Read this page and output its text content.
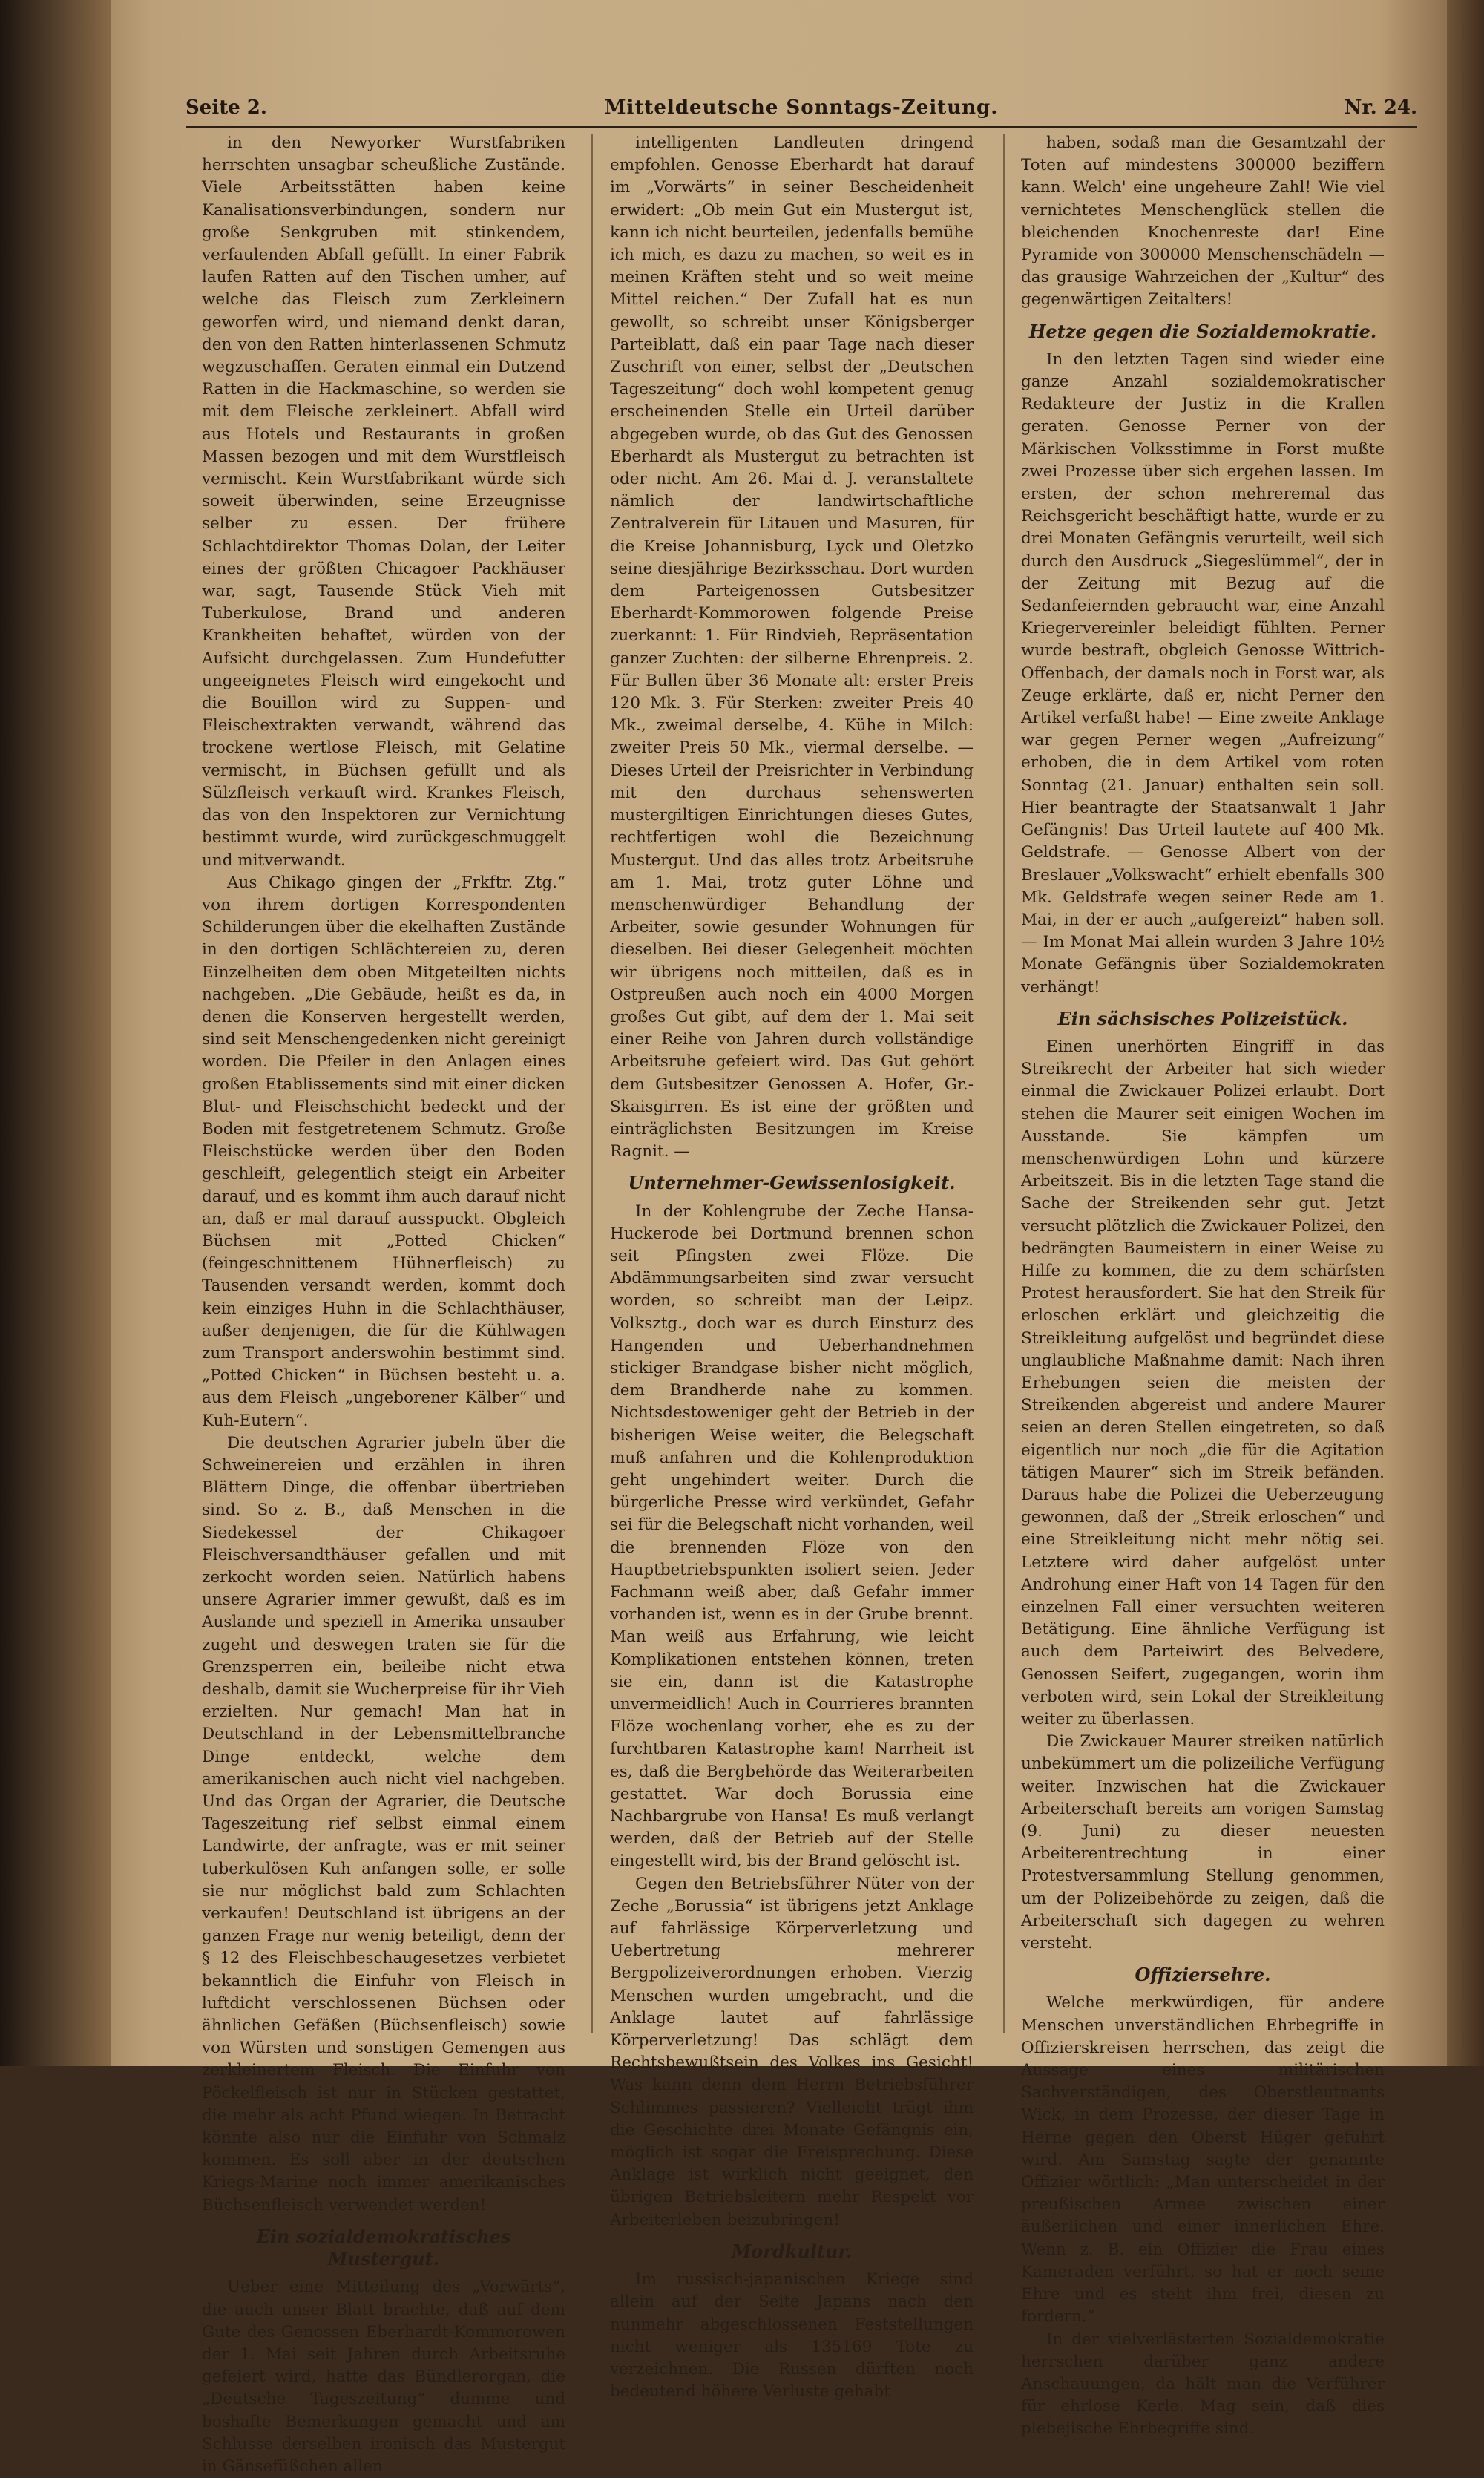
Seite 2.	Mitteldeutsche Sonntags-Zeitung.	Nr. 24.

in den Newyorker Wurstfabriken herrschten unsagbar scheußliche Zustände. Viele Arbeitsstätten haben keine Kanalisationsverbindungen, sondern nur große Senkgruben mit stinkendem, verfaulenden Abfall gefüllt. In einer Fabrik laufen Ratten auf den Tischen umher, auf welche das Fleisch zum Zerkleinern geworfen wird, und niemand denkt daran, den von den Ratten hinterlassenen Schmutz wegzuschaffen. Geraten einmal ein Dutzend Ratten in die Hackmaschine, so werden sie mit dem Fleische zerkleinert. Abfall wird aus Hotels und Restaurants in großen Massen bezogen und mit dem Wurstfleisch vermischt. Kein Wurstfabrikant würde sich soweit überwinden, seine Erzeugnisse selber zu essen. Der frühere Schlachtdirektor Thomas Dolan, der Leiter eines der größten Chicagoer Packhäuser war, sagt, Tausende Stück Vieh mit Tuberkulose, Brand und anderen Krankheiten behaftet, würden von der Aufsicht durchgelassen. Zum Hundefutter ungeeignetes Fleisch wird eingekocht und die Bouillon wird zu Suppen- und Fleischextrakten verwandt, während das trockene wertlose Fleisch, mit Gelatine vermischt, in Büchsen gefüllt und als Sülzfleisch verkauft wird. Krankes Fleisch, das von den Inspektoren zur Vernichtung bestimmt wurde, wird zurückgeschmuggelt und mitverwandt.

Aus Chikago gingen der „Frkftr. Ztg.“ von ihrem dortigen Korrespondenten Schilderungen über die ekelhaften Zustände in den dortigen Schlächtereien zu, deren Einzelheiten dem oben Mitgeteilten nichts nachgeben. „Die Gebäude, heißt es da, in denen die Konserven hergestellt werden, sind seit Menschengedenken nicht gereinigt worden. Die Pfeiler in den Anlagen eines großen Etablissements sind mit einer dicken Blut- und Fleischschicht bedeckt und der Boden mit festgetretenem Schmutz. Große Fleischstücke werden über den Boden geschleift, gelegentlich steigt ein Arbeiter darauf, und es kommt ihm auch darauf nicht an, daß er mal darauf ausspuckt. Obgleich Büchsen mit „Potted Chicken“ (feingeschnittenem Hühnerfleisch) zu Tausenden versandt werden, kommt doch kein einziges Huhn in die Schlachthäuser, außer denjenigen, die für die Kühlwagen zum Transport anderswohin bestimmt sind. „Potted Chicken“ in Büchsen besteht u. a. aus dem Fleisch „ungeborener Kälber“ und Kuh-Eutern“.

Die deutschen Agrarier jubeln über die Schweinereien und erzählen in ihren Blättern Dinge, die offenbar übertrieben sind. So z. B., daß Menschen in die Siedekessel der Chikagoer Fleischversandthäuser gefallen und mit zerkocht worden seien. Natürlich habens unsere Agrarier immer gewußt, daß es im Auslande und speziell in Amerika unsauber zugeht und deswegen traten sie für die Grenzsperren ein, beileibe nicht etwa deshalb, damit sie Wucherpreise für ihr Vieh erzielten. Nur gemach! Man hat in Deutschland in der Lebensmittelbranche Dinge entdeckt, welche dem amerikanischen auch nicht viel nachgeben. Und das Organ der Agrarier, die Deutsche Tageszeitung rief selbst einmal einem Landwirte, der anfragte, was er mit seiner tuberkulösen Kuh anfangen solle, er solle sie nur möglichst bald zum Schlachten verkaufen! Deutschland ist übrigens an der ganzen Frage nur wenig beteiligt, denn der § 12 des Fleischbeschaugesetzes verbietet bekanntlich die Einfuhr von Fleisch in luftdicht verschlossenen Büchsen oder ähnlichen Gefäßen (Büchsenfleisch) sowie von Würsten und sonstigen Gemengen aus zerkleinertem Fleisch. Die Einfuhr von Pöckelfleisch ist nur in Stücken gestattet, die mehr als acht Pfund wiegen. In Betracht könnte also nur die Einfuhr von Schmalz kommen. Es soll aber in der deutschen Kriegs-Marine noch immer amerikanisches Büchsenfleisch verwendet werden!

Ein sozialdemokratisches Mustergut.

Ueber eine Mitteilung des „Vorwärts“, die auch unser Blatt brachte, daß auf dem Gute des Genossen Eberhardt-Kommorowen der 1. Mai seit Jahren durch Arbeitsruhe gefeiert wird, hatte das Bündlerorgan, die „Deutsche Tageszeitung“ dumme und boshafte Bemerkungen gemacht und am Schlusse derselben ironisch das Mustergut in Gänsefüßchen allen

intelligenten Landleuten dringend empfohlen. Genosse Eberhardt hat darauf im „Vorwärts“ in seiner Bescheidenheit erwidert: „Ob mein Gut ein Mustergut ist, kann ich nicht beurteilen, jedenfalls bemühe ich mich, es dazu zu machen, so weit es in meinen Kräften steht und so weit meine Mittel reichen.“ Der Zufall hat es nun gewollt, so schreibt unser Königsberger Parteiblatt, daß ein paar Tage nach dieser Zuschrift von einer, selbst der „Deutschen Tageszeitung“ doch wohl kompetent genug erscheinenden Stelle ein Urteil darüber abgegeben wurde, ob das Gut des Genossen Eberhardt als Mustergut zu betrachten ist oder nicht. Am 26. Mai d. J. veranstaltete nämlich der landwirtschaftliche Zentralverein für Litauen und Masuren, für die Kreise Johannisburg, Lyck und Oletzko seine diesjährige Bezirksschau. Dort wurden dem Parteigenossen Gutsbesitzer Eberhardt-Kommorowen folgende Preise zuerkannt: 1. Für Rindvieh, Repräsentation ganzer Zuchten: der silberne Ehrenpreis. 2. Für Bullen über 36 Monate alt: erster Preis 120 Mk. 3. Für Sterken: zweiter Preis 40 Mk., zweimal derselbe, 4. Kühe in Milch: zweiter Preis 50 Mk., viermal derselbe. — Dieses Urteil der Preisrichter in Verbindung mit den durchaus sehenswerten mustergiltigen Einrichtungen dieses Gutes, rechtfertigen wohl die Bezeichnung Mustergut. Und das alles trotz Arbeitsruhe am 1. Mai, trotz guter Löhne und menschenwürdiger Behandlung der Arbeiter, sowie gesunder Wohnungen für dieselben. Bei dieser Gelegenheit möchten wir übrigens noch mitteilen, daß es in Ostpreußen auch noch ein 4000 Morgen großes Gut gibt, auf dem der 1. Mai seit einer Reihe von Jahren durch vollständige Arbeitsruhe gefeiert wird. Das Gut gehört dem Gutsbesitzer Genossen A. Hofer, Gr.-Skaisgirren. Es ist eine der größten und einträglichsten Besitzungen im Kreise Ragnit. —

Unternehmer-Gewissenlosigkeit.

In der Kohlengrube der Zeche Hansa-Huckerode bei Dortmund brennen schon seit Pfingsten zwei Flöze. Die Abdämmungsarbeiten sind zwar versucht worden, so schreibt man der Leipz. Volksztg., doch war es durch Einsturz des Hangenden und Ueberhandnehmen stickiger Brandgase bisher nicht möglich, dem Brandherde nahe zu kommen. Nichtsdestoweniger geht der Betrieb in der bisherigen Weise weiter, die Belegschaft muß anfahren und die Kohlenproduktion geht ungehindert weiter. Durch die bürgerliche Presse wird verkündet, Gefahr sei für die Belegschaft nicht vorhanden, weil die brennenden Flöze von den Hauptbetriebspunkten isoliert seien. Jeder Fachmann weiß aber, daß Gefahr immer vorhanden ist, wenn es in der Grube brennt. Man weiß aus Erfahrung, wie leicht Komplikationen entstehen können, treten sie ein, dann ist die Katastrophe unvermeidlich! Auch in Courrieres brannten Flöze wochenlang vorher, ehe es zu der furchtbaren Katastrophe kam! Narrheit ist es, daß die Bergbehörde das Weiterarbeiten gestattet. War doch Borussia eine Nachbargrube von Hansa! Es muß verlangt werden, daß der Betrieb auf der Stelle eingestellt wird, bis der Brand gelöscht ist.

Gegen den Betriebsführer Nüter von der Zeche „Borussia“ ist übrigens jetzt Anklage auf fahrlässige Körperverletzung und Uebertretung mehrerer Bergpolizeiverordnungen erhoben. Vierzig Menschen wurden umgebracht, und die Anklage lautet auf fahrlässige Körperverletzung! Das schlägt dem Rechtsbewußtsein des Volkes ins Gesicht! Was kann denn dem Herrn Betriebsführer Schlimmes passieren? Vielleicht trägt ihm die Geschichte drei Monate Gefängnis ein, möglich ist sogar die Freisprechung. Diese Anklage ist wirklich nicht geeignet, den übrigen Betriebsleitern mehr Respekt vor Arbeiterleben beizubringen!

Mordkultur.

Im russisch-japanischen Kriege sind allein auf der Seite Japans nach den nunmehr abgeschlossenen Feststellungen nicht weniger als 135169 Tote zu verzeichnen. Die Russen dürften noch bedeutend höhere Verluste gehabt

haben, sodaß man die Gesamtzahl der Toten auf mindestens 300000 beziffern kann. Welch' eine ungeheure Zahl! Wie viel vernichtetes Menschenglück stellen die bleichenden Knochenreste dar! Eine Pyramide von 300000 Menschenschädeln — das grausige Wahrzeichen der „Kultur“ des gegenwärtigen Zeitalters!

Hetze gegen die Sozialdemokratie.

In den letzten Tagen sind wieder eine ganze Anzahl sozialdemokratischer Redakteure der Justiz in die Krallen geraten. Genosse Perner von der Märkischen Volksstimme in Forst mußte zwei Prozesse über sich ergehen lassen. Im ersten, der schon mehreremal das Reichsgericht beschäftigt hatte, wurde er zu drei Monaten Gefängnis verurteilt, weil sich durch den Ausdruck „Siegeslümmel“, der in der Zeitung mit Bezug auf die Sedanfeiernden gebraucht war, eine Anzahl Kriegervereinler beleidigt fühlten. Perner wurde bestraft, obgleich Genosse Wittrich-Offenbach, der damals noch in Forst war, als Zeuge erklärte, daß er, nicht Perner den Artikel verfaßt habe! — Eine zweite Anklage war gegen Perner wegen „Aufreizung“ erhoben, die in dem Artikel vom roten Sonntag (21. Januar) enthalten sein soll. Hier beantragte der Staatsanwalt 1 Jahr Gefängnis! Das Urteil lautete auf 400 Mk. Geldstrafe. — Genosse Albert von der Breslauer „Volkswacht“ erhielt ebenfalls 300 Mk. Geldstrafe wegen seiner Rede am 1. Mai, in der er auch „aufgereizt“ haben soll. — Im Monat Mai allein wurden 3 Jahre 10½ Monate Gefängnis über Sozialdemokraten verhängt!

Ein sächsisches Polizeistück.

Einen unerhörten Eingriff in das Streikrecht der Arbeiter hat sich wieder einmal die Zwickauer Polizei erlaubt. Dort stehen die Maurer seit einigen Wochen im Ausstande. Sie kämpfen um menschenwürdigen Lohn und kürzere Arbeitszeit. Bis in die letzten Tage stand die Sache der Streikenden sehr gut. Jetzt versucht plötzlich die Zwickauer Polizei, den bedrängten Baumeistern in einer Weise zu Hilfe zu kommen, die zu dem schärfsten Protest herausfordert. Sie hat den Streik für erloschen erklärt und gleichzeitig die Streikleitung aufgelöst und begründet diese unglaubliche Maßnahme damit: Nach ihren Erhebungen seien die meisten der Streikenden abgereist und andere Maurer seien an deren Stellen eingetreten, so daß eigentlich nur noch „die für die Agitation tätigen Maurer“ sich im Streik befänden. Daraus habe die Polizei die Ueberzeugung gewonnen, daß der „Streik erloschen“ und eine Streikleitung nicht mehr nötig sei. Letztere wird daher aufgelöst unter Androhung einer Haft von 14 Tagen für den einzelnen Fall einer versuchten weiteren Betätigung. Eine ähnliche Verfügung ist auch dem Parteiwirt des Belvedere, Genossen Seifert, zugegangen, worin ihm verboten wird, sein Lokal der Streikleitung weiter zu überlassen.

Die Zwickauer Maurer streiken natürlich unbekümmert um die polizeiliche Verfügung weiter. Inzwischen hat die Zwickauer Arbeiterschaft bereits am vorigen Samstag (9. Juni) zu dieser neuesten Arbeiterentrechtung in einer Protestversammlung Stellung genommen, um der Polizeibehörde zu zeigen, daß die Arbeiterschaft sich dagegen zu wehren versteht.

Offiziersehre.

Welche merkwürdigen, für andere Menschen unverständlichen Ehrbegriffe in Offizierskreisen herrschen, das zeigt die Aussage eines militärischen Sachverständigen, des Oberstleutnants Wick, in dem Prozesse, der dieser Tage in Herne gegen den Oberst Hüger geführt wird. Am Samstag sagte der genannte Offizier wörtlich: „Man unterscheidet in der preußischen Armee zwischen einer äußerlichen und einer innerlichen Ehre. Wenn z. B. ein Offizier die Frau eines Kameraden verführt, so hat er noch seine Ehre und es steht ihm frei, diesen zu fordern.“

In der vielverlästerten Sozialdemokratie herrschen darüber ganz andere Anschauungen, da hält man die Verführer für ehrlose Kerle. Mag sein, daß dies plebejische Ehrbegriffe sind.
